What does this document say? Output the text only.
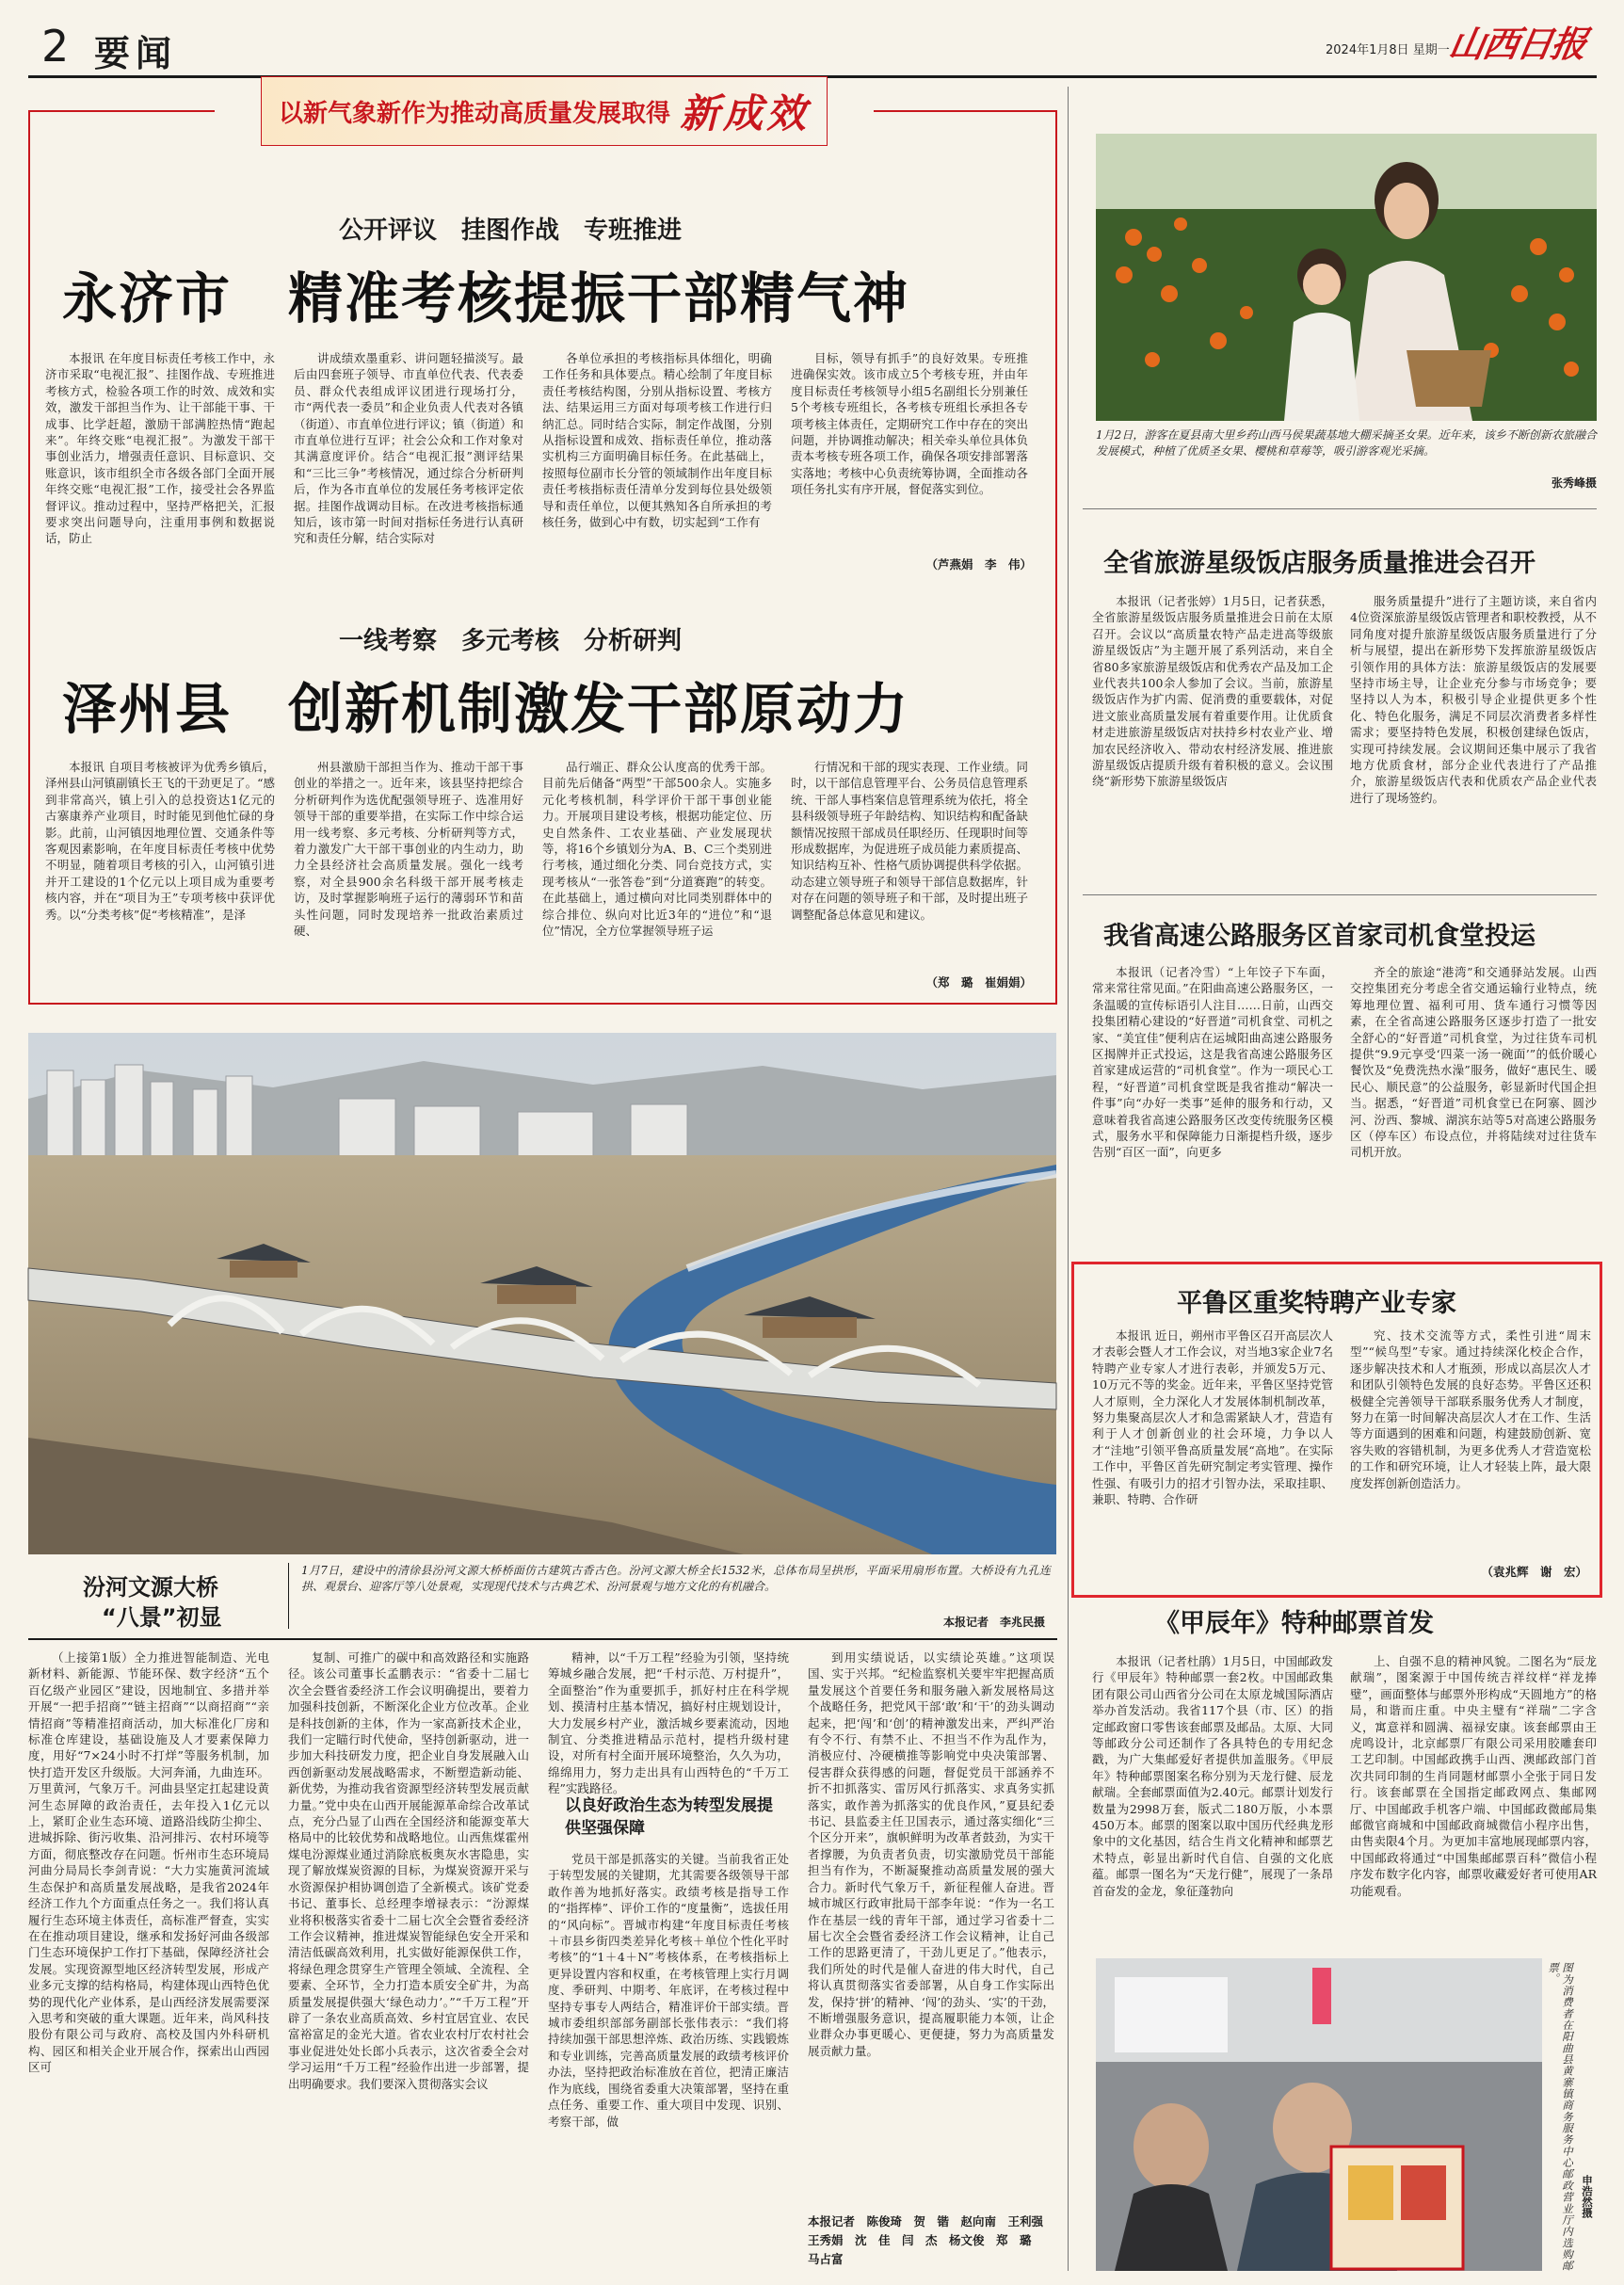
2 要闻	2024年1月8日 星期一
山西日报
以新气象新作为推动高质量发展取得 新成效
公开评议　挂图作战　专班推进
永济市　精准考核提振干部精气神

本报讯 在年度目标责任考核工作中，永济市采取“电视汇报”、挂图作战、专班推进考核方式，检验各项工作的时效、成效和实效，激发干部担当作为、让干部能干事、干成事、比学赶超，激励干部满腔热情“跑起来”。年终交账“电视汇报”。为激发干部干事创业活力，增强责任意识、目标意识、交账意识，该市组织全市各级各部门全面开展年终交账“电视汇报”工作，接受社会各界监督评议。推动过程中，坚持严格把关，汇报要求突出问题导向，注重用事例和数据说话，防止

讲成绩欢墨重彩、讲问题轻描淡写。最后由四套班子领导、市直单位代表、代表委员、群众代表组成评议团进行现场打分，市“两代表一委员”和企业负责人代表对各镇（街道）、市直单位进行评议；镇（街道）和市直单位进行互评；社会公众和工作对象对其满意度评价。结合“电视汇报”测评结果和“三比三争”考核情况，通过综合分析研判后，作为各市直单位的发展任务考核评定依据。挂图作战调动目标。在改进考核指标通知后，该市第一时间对指标任务进行认真研究和责任分解，结合实际对

各单位承担的考核指标具体细化，明确工作任务和具体要点。精心绘制了年度目标责任考核结构图，分别从指标设置、考核方法、结果运用三方面对每项考核工作进行归纳汇总。同时结合实际，制定作战图，分别从指标设置和成效、指标责任单位，推动落实机构三方面明确目标任务。在此基础上，按照每位副市长分管的领域制作出年度目标责任考核指标责任清单分发到每位县处级领导和责任单位，以便其熟知各自所承担的考核任务，做到心中有数，切实起到“工作有

目标，领导有抓手”的良好效果。专班推进确保实效。该市成立5个考核专班，并由年度目标责任考核领导小组5名副组长分别兼任5个考核专班组长，各考核专班组长承担各专项考核主体责任，定期研究工作中存在的突出问题，并协调推动解决；相关牵头单位具体负责本考核专班各项工作，确保各项安排部署落实落地；考核中心负责统筹协调，全面推动各项任务扎实有序开展，督促落实到位。

（芦燕娟　李　伟）
一线考察　多元考核　分析研判
泽州县　创新机制激发干部原动力

本报讯 自项目考核被评为优秀乡镇后，泽州县山河镇副镇长王飞的干劲更足了。“感到非常高兴，镇上引入的总投资达1亿元的古寨康养产业项目，时时能见到他忙碌的身影。此前，山河镇因地理位置、交通条件等客观因素影响，在年度目标责任考核中优势不明显，随着项目考核的引入，山河镇引进并开工建设的1个亿元以上项目成为重要考核内容，并在“项目为王”专项考核中获评优秀。以“分类考核”促“考核精准”，是泽

州县激励干部担当作为、推动干部干事创业的举措之一。近年来，该县坚持把综合分析研判作为选优配强领导班子、选准用好领导干部的重要举措，在实际工作中综合运用一线考察、多元考核、分析研判等方式，着力激发广大干部干事创业的内生动力，助力全县经济社会高质量发展。强化一线考察，对全县900余名科级干部开展考核走访，及时掌握影响班子运行的薄弱环节和苗头性问题，同时发现培养一批政治素质过硬、

品行端正、群众公认度高的优秀干部。目前先后储备“两型”干部500余人。实施多元化考核机制，科学评价干部干事创业能力。开展项目建设考核，根据功能定位、历史自然条件、工农业基础、产业发展现状等，将16个乡镇划分为A、B、C三个类别进行考核，通过细化分类、同台竞技方式，实现考核从“一张答卷”到“分道赛跑”的转变。在此基础上，通过横向对比同类别群体中的综合排位、纵向对比近3年的“进位”和“退位”情况，全方位掌握领导班子运

行情况和干部的现实表现、工作业绩。同时，以干部信息管理平台、公务员信息管理系统、干部人事档案信息管理系统为依托，将全县科级领导班子年龄结构、知识结构和配备缺额情况按照干部成员任职经历、任现职时间等形成数据库，为促进班子成员能力素质提高、知识结构互补、性格气质协调提供科学依据。动态建立领导班子和领导干部信息数据库，针对存在问题的领导班子和干部，及时提出班子调整配备总体意见和建议。

（郑　璐　崔娟娟）
汾河文源大桥
“八景”初显
1月7日，建设中的清徐县汾河文源大桥桥面仿古建筑古香古色。汾河文源大桥全长1532米，总体布局呈拱形，平面采用扇形布置。大桥设有九孔连拱、观景台、迎客厅等八处景观，实现现代技术与古典艺术、汾河景观与地方文化的有机融合。
本报记者　李兆民摄

（上接第1版）全力推进智能制造、光电新材料、新能源、节能环保、数字经济“五个百亿级产业园区”建设，因地制宜、多措并举开展“一把手招商”“链主招商”“以商招商”“亲情招商”等精准招商活动，加大标准化厂房和标准仓库建设，基础设施及人才要素保障力度，用好“7×24小时不打烊”等服务机制，加快打造开发区升级版。大河奔涌，九曲连环。万里黄河，气象万千。河曲县坚定扛起建设黄河生态屏障的政治责任，去年投入1亿元以上，紧盯企业生态环境、道路沿线防尘抑尘、进城拆除、街污收集、沿河排污、农村环境等方面，彻底整改存在问题。忻州市生态环境局河曲分局局长李剑青说：“大力实施黄河流域生态保护和高质量发展战略，是我省2024年经济工作九个方面重点任务之一。我们将认真履行生态环境主体责任，高标准严督查，实实在在推动项目建设，继承和发扬好河曲各级部门生态环境保护工作打下基础，保障经济社会发展。实现资源型地区经济转型发展，形成产业多元支撑的结构格局，构建体现山西特色优势的现代化产业体系，是山西经济发展需要深入思考和突破的重大课题。近年来，尚风科技股份有限公司与政府、高校及国内外科研机构、园区和相关企业开展合作，探索出山西园区可

复制、可推广的碳中和高效路径和实施路径。该公司董事长孟鹏表示：“省委十二届七次全会暨省委经济工作会议明确提出，要着力加强科技创新，不断深化企业方位改革。企业是科技创新的主体，作为一家高新技术企业，我们一定瞄行时代使命，坚持创新驱动，进一步加大科技研发力度，把企业自身发展融入山西创新驱动发展战略需求，不断塑造新动能、新优势，为推动我省资源型经济转型发展贡献力量。”党中央在山西开展能源革命综合改革试点，充分凸显了山西在全国经济和能源变革大格局中的比较优势和战略地位。山西焦煤霍州煤电汾源煤业通过消除底板奥灰水害隐患，实现了解放煤炭资源的目标，为煤炭资源开采与水资源保护相协调创造了全新模式。该矿党委书记、董事长、总经理李增禄表示：“汾源煤业将积极落实省委十二届七次全会暨省委经济工作会议精神，推进煤炭智能绿色安全开采和清洁低碳高效利用，扎实做好能源保供工作，将绿色理念贯穿生产管理全领域、全流程、全要素、全环节，全力打造本质安全矿井，为高质量发展提供强大‘绿色动力’。”“千万工程”开辟了一条农业高质高效、乡村宜居宜业、农民富裕富足的金光大道。省农业农村厅农村社会事业促进处处长郎小兵表示，这次省委全会对学习运用“千万工程”经验作出进一步部署，提出明确要求。我们要深入贯彻落实会议

精神，以“千万工程”经验为引领，坚持统筹城乡融合发展，把“千村示范、万村提升”，全面整治”作为重要抓手，抓好村庄在科学规划、摸清村庄基本情况，搞好村庄规划设计，大力发展乡村产业，激活城乡要素流动，因地制宜、分类推进精品示范村，提档升级村建设，对所有村全面开展环境整治，久久为功，绵绵用力，努力走出具有山西特色的“千万工程”实践路径。

以良好政治生态为转型发展提供坚强保障

党员干部是抓落实的关键。当前我省正处于转型发展的关键期，尤其需要各级领导干部敢作善为地抓好落实。政绩考核是指导工作的“指挥棒”、评价工作的“度量衡”，选拔任用的“风向标”。晋城市构建“年度目标责任考核＋市县乡街四类差异化考核＋单位个性化平时考核”的“1＋4＋N”考核体系，在考核指标上更异设置内容和权重，在考核管理上实行月调度、季研判、中期考、年底评，在考核过程中坚持专事专人两结合，精准评价干部实绩。晋城市委组织部部务副部长张伟表示：“我们将持续加强干部思想淬炼、政治历练、实践锻炼和专业训练，完善高质量发展的政绩考核评价办法，坚持把政治标准放在首位，把清正廉洁作为底线，围绕省委重大决策部署，坚持在重点任务、重要工作、重大项目中发现、识别、考察干部，做

到用实绩说话，以实绩论英雄。”这项误国、实于兴邦。“纪检监察机关要牢牢把握高质量发展这个首要任务和服务融入新发展格局这个战略任务，把党风干部‘敢’和‘干’的劲头调动起来，把‘闯’和‘创’的精神激发出来，严纠严治有令不行、有禁不止、不担当不作为乱作为，消极应付、冷硬横推等影响党中央决策部署、侵害群众获得感的问题，督促党员干部涵养不折不扣抓落实、雷厉风行抓落实、求真务实抓落实，敢作善为抓落实的优良作风，”夏县纪委书记、县监委主任卫国表示，通过落实细化“三个区分开来”，旗帜鲜明为改革者鼓劲，为实干者撑腰，为负责者负责，切实激励党员干部能担当有作为，不断凝聚推动高质量发展的强大合力。新时代气象万千，新征程催人奋进。晋城市城区行政审批局干部李年说：“作为一名工作在基层一线的青年干部，通过学习省委十二届七次全会暨省委经济工作会议精神，让自己工作的思路更清了，干劲儿更足了。”他表示，我们所处的时代是催人奋进的伟大时代，自己将认真贯彻落实省委部署，从自身工作实际出发，保持‘拼’的精神、‘闯’的劲头、‘实’的干劲，不断增强服务意识，提高履职能力本领，让企业群众办事更暖心、更便捷，努力为高质量发展贡献力量。

本报记者　陈俊琦　贺　锴　赵向南　王利强　王秀娟　沈　佳　闫　杰　杨文俊　郑　璐　马占富
1月2日，游客在夏县南大里乡药山西马侯果蔬基地大棚采摘圣女果。近年来，该乡不断创新农旅融合发展模式，种植了优质圣女果、樱桃和草莓等，吸引游客观光采摘。
张秀峰摄
全省旅游星级饭店服务质量推进会召开

本报讯（记者张婷）1月5日，记者获悉，全省旅游星级饭店服务质量推进会日前在太原召开。会议以“高质量农特产品走进高等级旅游星级饭店”为主题开展了系列活动，来自全省80多家旅游星级饭店和优秀农产品及加工企业代表共100余人参加了会议。当前，旅游星级饭店作为扩内需、促消费的重要载体，对促进文旅业高质量发展有着重要作用。让优质食材走进旅游星级饭店对扶持乡村农业产业、增加农民经济收入、带动农村经济发展、推进旅游星级饭店提质升级有着积极的意义。会议围绕“新形势下旅游星级饭店

服务质量提升”进行了主题访谈，来自省内4位资深旅游星级饭店管理者和职校教授，从不同角度对提升旅游星级饭店服务质量进行了分析与展望，提出在新形势下发挥旅游星级饭店引领作用的具体方法：旅游星级饭店的发展要坚持市场主导，让企业充分参与市场竞争；要坚持以人为本，积极引导企业提供更多个性化、特色化服务，满足不同层次消费者多样性需求；要坚持特色发展，积极创建绿色饭店，实现可持续发展。会议期间还集中展示了我省地方优质食材，部分企业代表进行了产品推介，旅游星级饭店代表和优质农产品企业代表进行了现场签约。

我省高速公路服务区首家司机食堂投运

本报讯（记者冷雪）“上年饺子下车面，常来常往常见面。”在阳曲高速公路服务区，一条温暖的宣传标语引人注目……日前，山西交投集团精心建设的“好晋道”司机食堂、司机之家、“美宜佳”便利店在运城阳曲高速公路服务区揭牌并正式投运，这是我省高速公路服务区首家建成运营的“司机食堂”。作为一项民心工程，“好晋道”司机食堂既是我省推动“解决一件事”向“办好一类事”延伸的服务和行动，又意味着我省高速公路服务区改变传统服务区模式，服务水平和保障能力日渐提档升级，逐步告别“百区一面”，向更多

齐全的旅途“港湾”和交通驿站发展。山西交控集团充分考虑全省交通运输行业特点，统筹地理位置、福利可用、货车通行习惯等因素，在全省高速公路服务区逐步打造了一批安全舒心的“好晋道”司机食堂，为过往货车司机提供“9.9元享受‘四菜一汤一碗面’”的低价暖心餐饮及“免费洗热水澡”服务，做好“惠民生、暖民心、顺民意”的公益服务，彰显新时代国企担当。据悉，“好晋道”司机食堂已在阿寨、圆沙河、汾西、黎城、湖滨东站等5对高速公路服务区（停车区）布设点位，并将陆续对过往货车司机开放。

平鲁区重奖特聘产业专家

本报讯 近日，朔州市平鲁区召开高层次人才表彰会暨人才工作会议，对当地3家企业7名特聘产业专家人才进行表彰，并颁发5万元、10万元不等的奖金。近年来，平鲁区坚持党管人才原则，全力深化人才发展体制机制改革，努力集聚高层次人才和急需紧缺人才，营造有利于人才创新创业的社会环境，力争以人才“洼地”引领平鲁高质量发展“高地”。在实际工作中，平鲁区首先研究制定考实管理、操作性强、有吸引力的招才引智办法，采取挂职、兼职、特聘、合作研

究、技术交流等方式，柔性引进“周末型”“候鸟型”专家。通过持续深化校企合作，逐步解决技术和人才瓶颈，形成以高层次人才和团队引领特色发展的良好态势。平鲁区还积极健全完善领导干部联系服务优秀人才制度，努力在第一时间解决高层次人才在工作、生活等方面遇到的困难和问题，构建鼓励创新、宽容失败的容错机制，为更多优秀人才营造宽松的工作和研究环境，让人才轻装上阵，最大限度发挥创新创造活力。

（袁兆辉　谢　宏）
《甲辰年》特种邮票首发

本报讯（记者杜鹃）1月5日，中国邮政发行《甲辰年》特种邮票一套2枚。中国邮政集团有限公司山西省分公司在太原龙城国际酒店举办首发活动。我省117个县（市、区）的指定邮政窗口零售该套邮票及邮品。太原、大同等邮政分公司还制作了各具特色的专用纪念戳，为广大集邮爱好者提供加盖服务。《甲辰年》特种邮票图案名称分别为天龙行健、辰龙献瑞。全套邮票面值为2.40元。邮票计划发行数量为2998万套，版式二180万版，小本票450万本。邮票的图案以取中国历代经典龙形象中的文化基因，结合生肖文化精神和邮票艺术特点，彰显出新时代自信、自强的文化底蕴。邮票一图名为“天龙行健”，展现了一条昂首奋发的金龙，象征蓬勃向

上、自强不息的精神风貌。二图名为“辰龙献瑞”，图案源于中国传统吉祥纹样“祥龙捧璧”，画面整体与邮票外形构成“天圆地方”的格局，和谐而庄重。中央主璧有“祥瑞”二字含义，寓意祥和圆满、福禄安康。该套邮票由王虎鸣设计，北京邮票厂有限公司采用胶雕套印工艺印制。中国邮政携手山西、澳邮政部门首次共同印制的生肖同题材邮票小全张于同日发行。该套邮票在全国指定邮政网点、集邮网厅、中国邮政手机客户端、中国邮政微邮局集邮微官商城和中国邮政商城微信小程序出售，由售卖限4个月。为更加丰富地展现邮票内容，中国邮政将通过“中国集邮邮票百科”微信小程序发布数字化内容，邮票收藏爱好者可使用AR功能观看。

图为消费者在阳曲县黄寨镇商务服务中心邮政营业厅内选购邮票。
申浩然摄
